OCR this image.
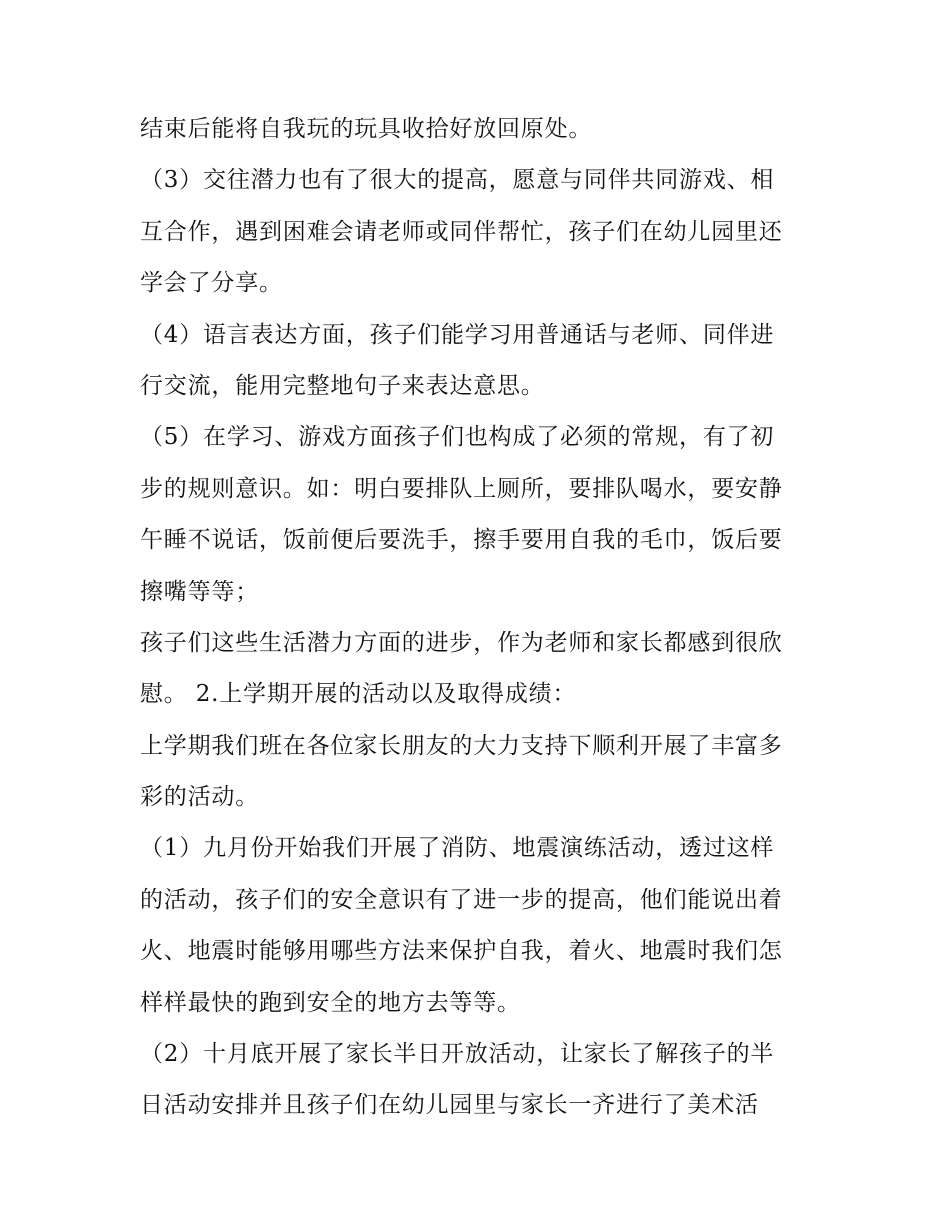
结束后能将自我玩的玩具收拾好放回原处。
（3）交往潜力也有了很大的提高，愿意与同伴共同游戏、相
互合作，遇到困难会请老师或同伴帮忙，孩子们在幼儿园里还
学会了分享。
（4）语言表达方面，孩子们能学习用普通话与老师、同伴进
行交流，能用完整地句子来表达意思。
（5）在学习、游戏方面孩子们也构成了必须的常规，有了初
步的规则意识。如：明白要排队上厕所，要排队喝水，要安静
午睡不说话，饭前便后要洗手，擦手要用自我的毛巾，饭后要
擦嘴等等；
孩子们这些生活潜力方面的进步，作为老师和家长都感到很欣
慰。 2.上学期开展的活动以及取得成绩：
上学期我们班在各位家长朋友的大力支持下顺利开展了丰富多
彩的活动。
（1）九月份开始我们开展了消防、地震演练活动，透过这样
的活动，孩子们的安全意识有了进一步的提高，他们能说出着
火、地震时能够用哪些方法来保护自我，着火、地震时我们怎
样样最快的跑到安全的地方去等等。
（2）十月底开展了家长半日开放活动，让家长了解孩子的半
日活动安排并且孩子们在幼儿园里与家长一齐进行了美术活
